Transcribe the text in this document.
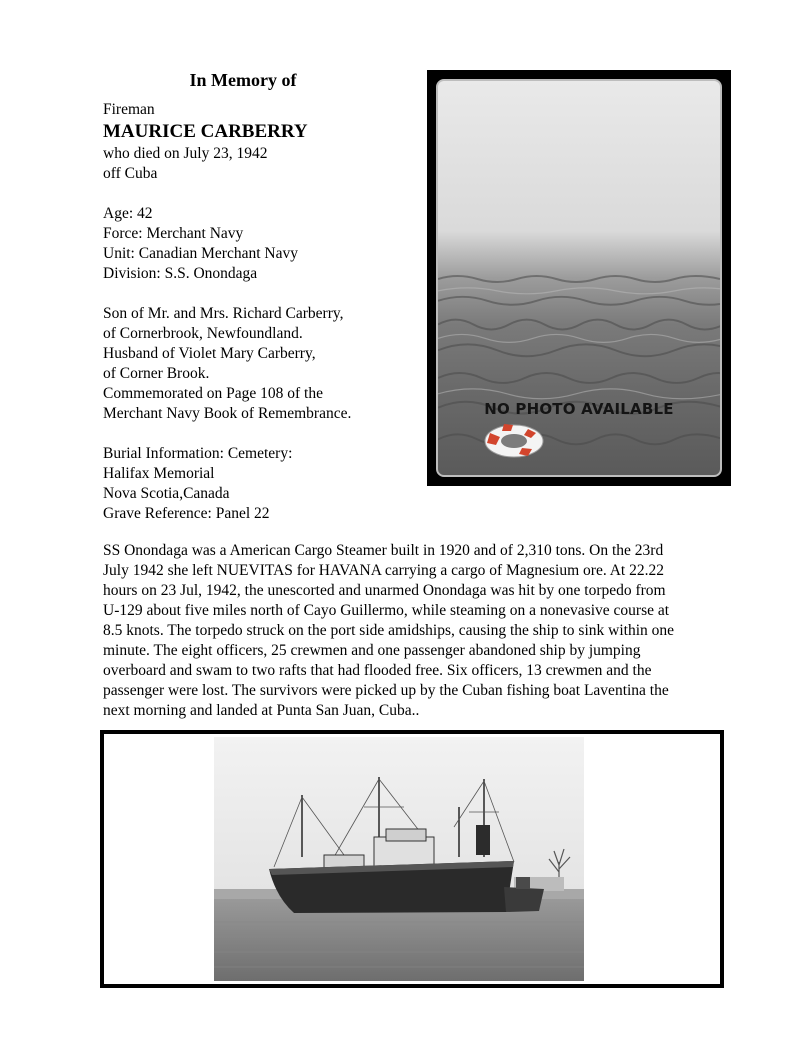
In Memory of
Fireman
MAURICE CARBERRY
who died on July 23, 1942
off Cuba
Age: 42
Force: Merchant Navy
Unit: Canadian Merchant Navy
Division: S.S. Onondaga
Son of Mr. and Mrs. Richard Carberry,
of Cornerbrook, Newfoundland.
Husband of Violet Mary Carberry,
of Corner Brook.
Commemorated on Page 108 of the
Merchant Navy Book of Remembrance.
Burial Information: Cemetery:
Halifax Memorial
Nova Scotia,Canada
Grave Reference: Panel 22
NO PHOTO AVAILABLE
SS Onondaga was a American Cargo Steamer built in 1920 and of 2,310 tons. On the 23rd
July 1942 she left NUEVITAS for HAVANA carrying a cargo of Magnesium ore. At 22.22
hours on 23 Jul, 1942, the unescorted and unarmed Onondaga was hit by one torpedo from
U-129 about five miles north of Cayo Guillermo, while steaming on a nonevasive course at
8.5 knots. The torpedo struck on the port side amidships, causing the ship to sink within one
minute. The eight officers, 25 crewmen and one passenger abandoned ship by jumping
overboard and swam to two rafts that had flooded free. Six officers, 13 crewmen and the
passenger were lost. The survivors were picked up by the Cuban fishing boat Laventina the
next morning and landed at Punta San Juan, Cuba..
